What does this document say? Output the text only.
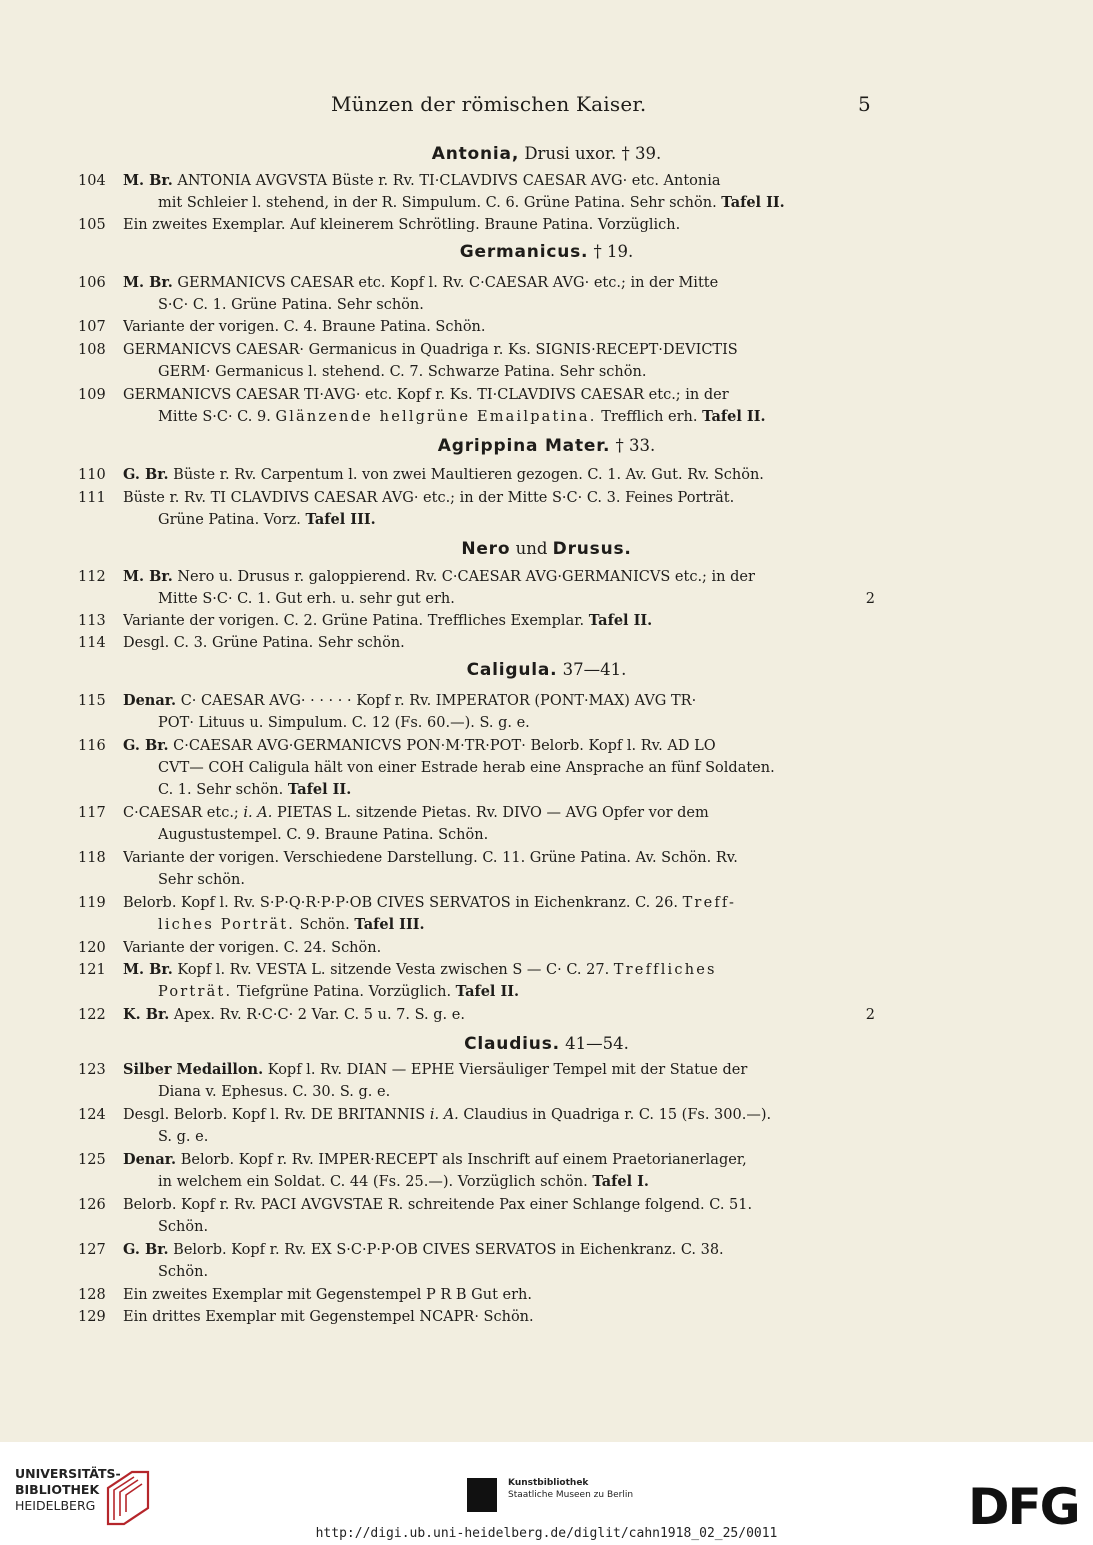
Münzen der römischen Kaiser.	5
Antonia, Drusi uxor. † 39.
104 M. Br. ANTONIA AVGVSTA Büste r. Rv. TI·CLAVDIVS CAESAR AVG· etc. Antonia
mit Schleier l. stehend, in der R. Simpulum. C. 6. Grüne Patina. Sehr schön. Tafel II.
105 Ein zweites Exemplar. Auf kleinerem Schrötling. Braune Patina. Vorzüglich.
Germanicus. † 19.
106 M. Br. GERMANICVS CAESAR etc. Kopf l. Rv. C·CAESAR AVG· etc.; in der Mitte
S·C· C. 1. Grüne Patina. Sehr schön.
107 Variante der vorigen. C. 4. Braune Patina. Schön.
108 GERMANICVS CAESAR· Germanicus in Quadriga r. Ks. SIGNIS·RECEPT·DEVICTIS
GERM· Germanicus l. stehend. C. 7. Schwarze Patina. Sehr schön.
109 GERMANICVS CAESAR TI·AVG· etc. Kopf r. Ks. TI·CLAVDIVS CAESAR etc.; in der
Mitte S·C· C. 9. Glänzende hellgrüne Emailpatina. Trefflich erh. Tafel II.
Agrippina Mater. † 33.
110 G. Br. Büste r. Rv. Carpentum l. von zwei Maultieren gezogen. C. 1. Av. Gut. Rv. Schön.
111 Büste r. Rv. TI CLAVDIVS CAESAR AVG· etc.; in der Mitte S·C· C. 3. Feines Porträt.
Grüne Patina. Vorz. Tafel III.
Nero und Drusus.
112 M. Br. Nero u. Drusus r. galoppierend. Rv. C·CAESAR AVG·GERMANICVS etc.; in der
Mitte S·C· C. 1. Gut erh. u. sehr gut erh.	2
113 Variante der vorigen. C. 2. Grüne Patina. Treffliches Exemplar. Tafel II.
114 Desgl. C. 3. Grüne Patina. Sehr schön.
Caligula. 37—41.
115 Denar. C· CAESAR AVG· · · · · · Kopf r. Rv. IMPERATOR (PONT·MAX) AVG TR·
POT· Lituus u. Simpulum. C. 12 (Fs. 60.—). S. g. e.
116 G. Br. C·CAESAR AVG·GERMANICVS PON·M·TR·POT· Belorb. Kopf l. Rv. AD LO
CVT— COH Caligula hält von einer Estrade herab eine Ansprache an fünf Soldaten.
C. 1. Sehr schön. Tafel II.
117 C·CAESAR etc.; i. A. PIETAS L. sitzende Pietas. Rv. DIVO — AVG Opfer vor dem
Augustustempel. C. 9. Braune Patina. Schön.
118 Variante der vorigen. Verschiedene Darstellung. C. 11. Grüne Patina. Av. Schön. Rv.
Sehr schön.
119 Belorb. Kopf l. Rv. S·P·Q·R·P·P·OB CIVES SERVATOS in Eichenkranz. C. 26. Treff-
liches Porträt. Schön. Tafel III.
120 Variante der vorigen. C. 24. Schön.
121 M. Br. Kopf l. Rv. VESTA L. sitzende Vesta zwischen S — C· C. 27. Treffliches
Porträt. Tiefgrüne Patina. Vorzüglich. Tafel II.
122 K. Br. Apex. Rv. R·C·C· 2 Var. C. 5 u. 7. S. g. e.	2
Claudius. 41—54.
123 Silber Medaillon. Kopf l. Rv. DIAN — EPHE Viersäuliger Tempel mit der Statue der
Diana v. Ephesus. C. 30. S. g. e.
124 Desgl. Belorb. Kopf l. Rv. DE BRITANNIS i. A. Claudius in Quadriga r. C. 15 (Fs. 300.—).
S. g. e.
125 Denar. Belorb. Kopf r. Rv. IMPER·RECEPT als Inschrift auf einem Praetorianerlager,
in welchem ein Soldat. C. 44 (Fs. 25.—). Vorzüglich schön. Tafel I.
126 Belorb. Kopf r. Rv. PACI AVGVSTAE R. schreitende Pax einer Schlange folgend. C. 51.
Schön.
127 G. Br. Belorb. Kopf r. Rv. EX S·C·P·P·OB CIVES SERVATOS in Eichenkranz. C. 38.
Schön.
128 Ein zweites Exemplar mit Gegenstempel P R B Gut erh.
129 Ein drittes Exemplar mit Gegenstempel NCAPR· Schön.
UNIVERSITÄTS-
BIBLIOTHEK
HEIDELBERG
Kunstbibliothek
Staatliche Museen zu Berlin	DFG
http://digi.ub.uni-heidelberg.de/diglit/cahn1918_02_25/0011
